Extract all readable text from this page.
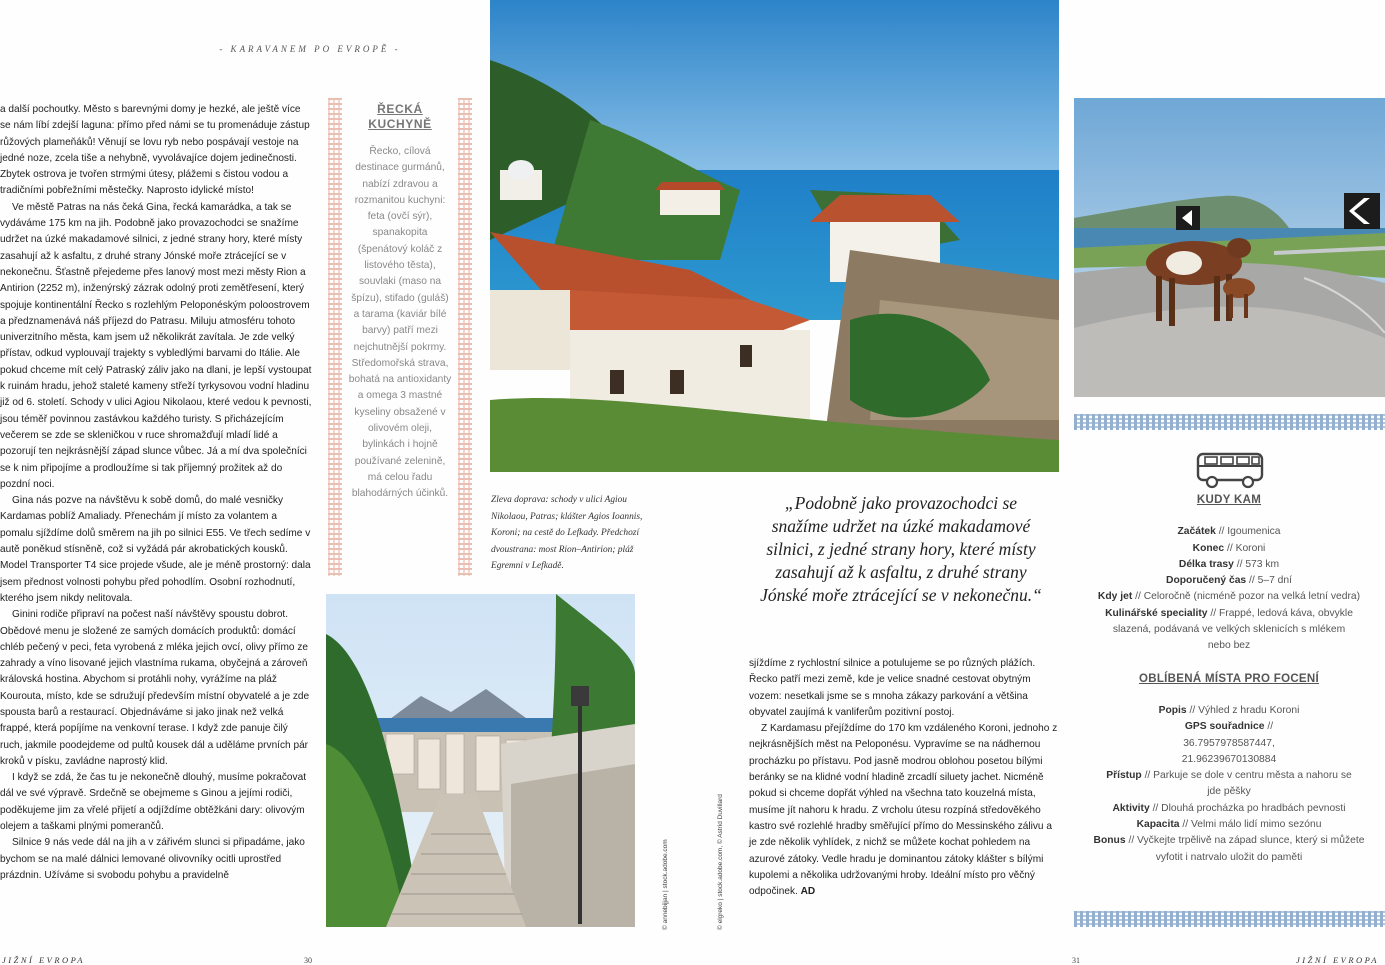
- KARAVANEM PO EVROPĚ -

a další pochoutky. Město s barevnými domy je hezké, ale ještě více se nám líbí zdejší laguna: přímo před námi se tu promenáduje zástup růžových plameňáků! Věnují se lovu ryb nebo pospávají vestoje na jedné noze, zcela tiše a nehybně, vyvolávajíce dojem jedinečnosti. Zbytek ostrova je tvořen strmými útesy, plážemi s čistou vodou a tradičními pobřežními městečky. Naprosto idylické místo!

Ve městě Patras na nás čeká Gina, řecká kamarádka, a tak se vydáváme 175 km na jih. Podobně jako provazochodci se snažíme udržet na úzké makadamové silnici, z jedné strany hory, které místy zasahují až k asfaltu, z druhé strany Jónské moře ztrácející se v nekonečnu. Šťastně přejedeme přes lanový most mezi městy Rion a Antirion (2252 m), inženýrský zázrak odolný proti zemětřesení, který spojuje kontinentální Řecko s rozlehlým Peloponéským poloostrovem a předznamenává náš příjezd do Patrasu. Miluju atmosféru tohoto univerzitního města, kam jsem už několikrát zavítala. Je zde velký přístav, odkud vyplouvají trajekty s vybledlými barvami do Itálie. Ale pokud chceme mít celý Patraský záliv jako na dlani, je lepší vystoupat k ruinám hradu, jehož staleté kameny střeží tyrkysovou vodní hladinu již od 6. století. Schody v ulici Agiou Nikolaou, které vedou k pevnosti, jsou téměř povinnou zastávkou každého turisty. S přicházejícím večerem se zde se skleničkou v ruce shromažďují mladí lidé a pozorují ten nejkrásnější západ slunce vůbec. Já a mí dva společníci se k nim připojíme a prodloužíme si tak příjemný prožitek až do pozdní noci.

Gina nás pozve na návštěvu k sobě domů, do malé vesničky Kardamas poblíž Amaliady. Přenechám jí místo za volantem a pomalu sjíždíme dolů směrem na jih po silnici E55. Ve třech sedíme v autě poněkud stísněně, což si vyžádá pár akrobatických kousků. Model Transporter T4 sice projede všude, ale je méně prostorný: dala jsem přednost volnosti pohybu před pohodlím. Osobní rozhodnutí, kterého jsem nikdy nelitovala.

Ginini rodiče připraví na počest naší návštěvy spoustu dobrot. Obědové menu je složené ze samých domácích produktů: domácí chléb pečený v peci, feta vyrobená z mléka jejich ovcí, olivy přímo ze zahrady a víno lisované jejich vlastníma rukama, obyčejná a zároveň královská hostina. Abychom si protáhli nohy, vyrážíme na pláž Kourouta, místo, kde se sdružují především místní obyvatelé a je zde spousta barů a restaurací. Objednáváme si jako jinak než velká frappé, která popíjíme na venkovní terase. I když zde panuje čilý ruch, jakmile poodejdeme od pultů kousek dál a uděláme prvních pár kroků v písku, zavládne naprostý klid.

I když se zdá, že čas tu je nekonečně dlouhý, musíme pokračovat dál ve své výpravě. Srdečně se obejmeme s Ginou a jejími rodiči, poděkujeme jim za vřelé přijetí a odjíždíme obtěžkáni dary: olivovým olejem a taškami plnými pomerančů.

Silnice 9 nás vede dál na jih a v zářivém slunci si připadáme, jako bychom se na malé dálnici lemované olivovníky ocitli uprostřed prázdnin. Užíváme si svobodu pohybu a pravidelně

ŘECKÁ
KUCHYNĚ
Řecko, cílová destinace gurmánů, nabízí zdravou a rozmanitou kuchyni: feta (ovčí sýr), spanakopita (špenátový koláč z listového těsta), souvlaki (maso na špízu), stifado (guláš) a tarama (kaviár bílé barvy) patří mezi nejchutnější pokrmy. Středomořská strava, bohatá na antioxidanty a omega 3 mastné kyseliny obsažené v olivovém oleji, bylinkách i hojně používané zelenině, má celou řadu blahodárných účinků.
© annebijjan | stock.adobe.com
Zleva doprava: schody v ulici Agiou Nikolaou, Patras; klášter Agios Ioannis, Koroni; na cestě do Lefkady. Předchozí dvoustrana: most Rion–Antirion; pláž Egremni v Lefkadě.
© elgreko | stock.adobe.com, © Astrid Duvillard
„Podobně jako provazochodci se snažíme udržet na úzké makadamové silnici, z jedné strany hory, které místy zasahují až k asfaltu, z druhé strany Jónské moře ztrácející se v nekonečnu.“

sjíždíme z rychlostní silnice a potulujeme se po různých plážích. Řecko patří mezi země, kde je velice snadné cestovat obytným vozem: nesetkali jsme se s mnoha zákazy parkování a většina obyvatel zaujímá k vanliferům pozitivní postoj.

Z Kardamasu přejíždíme do 170 km vzdáleného Koroni, jednoho z nejkrásnějších měst na Peloponésu. Vypravíme se na nádhernou procházku po přístavu. Pod jasně modrou oblohou posetou bílými beránky se na klidné vodní hladině zrcadlí siluety jachet. Nicméně pokud si chceme dopřát výhled na všechna tato kouzelná místa, musíme jít nahoru k hradu. Z vrcholu útesu rozpíná středověkého kastro své rozlehlé hradby směřující přímo do Messinského zálivu a je zde několik vyhlídek, z nichž se můžete kochat pohledem na azurové zátoky. Vedle hradu je dominantou zátoky klášter s bílými kupolemi a několika udržovanými hroby. Ideální místo pro věčný odpočinek. AD

KUDY KAM

Začátek // Igoumenica

Konec // Koroni

Délka trasy // 573 km

Doporučený čas // 5–7 dní

Kdy jet // Celoročně (nicméně pozor na velká letní vedra)

Kulinářské speciality // Frappé, ledová káva, obvykle slazená, podávaná ve velkých sklenicích s mlékem nebo bez

OBLÍBENÁ MÍSTA PRO FOCENÍ

Popis // Výhled z hradu Koroni

GPS souřadnice // 36.7957978587447, 21.96239670130884

Přístup // Parkuje se dole v centru města a nahoru se jde pěšky

Aktivity // Dlouhá procházka po hradbách pevnosti

Kapacita // Velmi málo lidí mimo sezónu

Bonus // Vyčkejte trpělivě na západ slunce, který si můžete vyfotit i natrvalo uložit do paměti

JIŽNÍ EVROPA	30	31	JIŽNÍ EVROPA
